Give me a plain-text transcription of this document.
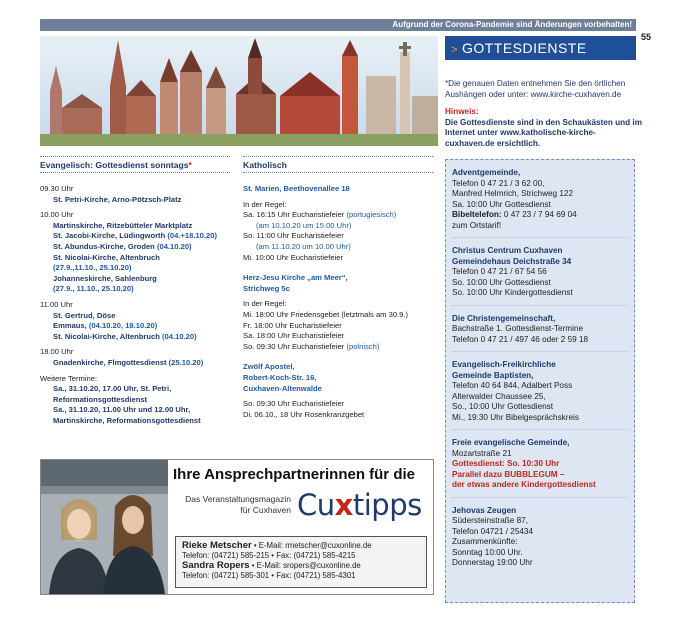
Aufgrund der Corona-Pandemie sind Änderungen vorbehalten!
55
> GOTTESDIENSTE

*Die genauen Daten entnehmen Sie den örtlichen Aushängen oder unter: www.kirche-cuxhaven.de

Hinweis:
Die Gottesdienste sind in den Schaukästen und im Internet unter www.katholische-kirche-cuxhaven.de ersichtlich.

Evangelisch: Gottesdienst sonntags*

09.30 Uhr

St. Petri-Kirche, Arno-Pötzsch-Platz

10.00 Uhr

Martinskirche, Ritzebütteler Marktplatz

St. Jacobi-Kirche, Lüdingworth (04.+18.10.20)

St. Abundus-Kirche, Groden (04.10.20)

St. Nicolai-Kirche, Altenbruch

(27.9.,11.10., 25.10.20)

Johanneskirche, Sahlenburg

(27.9., 11.10., 25.10.20)

11.00 Uhr

St. Gertrud, Döse

Emmaus, (04.10.20, 18.10.20)

St. Nicolai-Kirche, Altenbruch (04.10.20)

18.00 Uhr

Gnadenkirche, Flmgottesdienst (25.10.20)

Weitere Termine:

Sa., 31.10.20, 17.00 Uhr, St. Petri,

Reformationsgottesdienst

Sa., 31.10.20, 11.00 Uhr und 12.00 Uhr,

Martinskirche, Reformationsgottesdienst

Katholisch

St. Marien, Beethovenallee 18

In der Regel:

Sa. 16:15 Uhr Eucharistiefeier (portugiesisch)

(am 10.10.20 um 15.00 Uhr)

So. 11:00 Uhr Eucharistiefeier

(am 11.10.20 um 10.00 Uhr)

Mi. 10:00 Uhr Eucharistiefeier

Herz-Jesu Kirche „am Meer“,

Strichweg 5c

In der Regel:

Mi. 18:00 Uhr Friedensgebet (letztmals am 30.9.)

Fr. 18:00 Uhr Eucharistiefeier

Sa. 18:00 Uhr Eucharistiefeier

So. 09:30 Uhr Eucharistiefeier (polnisch)

Zwölf Apostel,

Robert-Koch-Str. 16,

Cuxhaven-Altenwalde

So. 09:30 Uhr Eucharistiefeier

Di. 06.10., 18 Uhr Rosenkranzgebet

Adventgemeinde,

Telefon 0 47 21 / 3 62 00,

Manfred Helmrich, Strichweg 122

Sa. 10:00 Uhr Gottesdienst

Bibeltelefon: 0 47 23 / 7 94 69 04

zum Ortstarif!

Christus Centrum Cuxhaven

Gemeindehaus Deichstraße 34

Telefon 0 47 21 / 67 54 56

So. 10:00 Uhr Gottesdienst

So. 10:00 Uhr Kindergottesdienst

Die Christengemeinschaft,

Bachstraße 1. Gottesdienst-Termine

Telefon 0 47 21 / 497 46 oder 2 59 18

Evangelisch-Freikirchliche

Gemeinde Baptisten,

Telefon 40 64 844, Adalbert Poss

Alterwalder Chaussee 25,

So., 10:00 Uhr Gottesdienst

Mi., 19:30 Uhr Bibelgesprächskreis

Freie evangelische Gemeinde,

Mozartstraße 21

Gottesdienst: So. 10:30 Uhr

Parallel dazu BUBBLEGUM –

der etwas andere Kindergottesdienst

Jehovas Zeugen

Südersteinstraße 87,

Telefon 04721 / 25434

Zusammenkünfte:

Sonntag 10:00 Uhr.

Donnerstag 19:00 Uhr

Ihre Ansprechpartnerinnen für die
Das Veranstaltungsmagazin für Cuxhaven Cuxtipps

Rieke Metscher • E-Mail: rmetscher@cuxonline.de

Telefon: (04721) 585-215 • Fax: (04721) 585-4215

Sandra Ropers • E-Mail: sropers@cuxonline.de

Telefon: (04721) 585-301 • Fax: (04721) 585-4301
